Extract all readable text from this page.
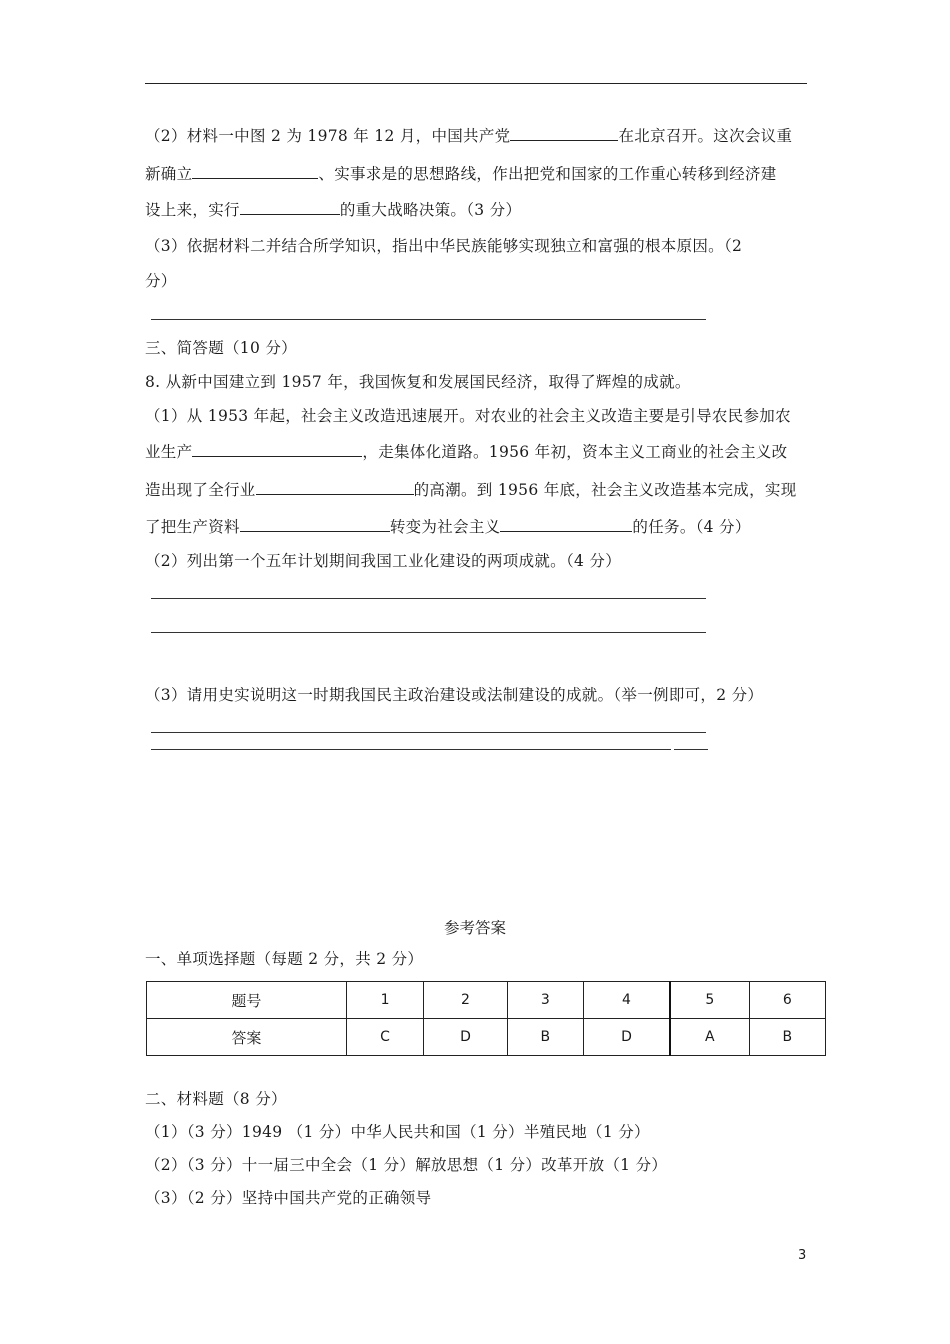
（2）材料一中图 2 为 1978 年 12 月，中国共产党	在北京召开。这次会议重
新确立	、实事求是的思想路线，作出把党和国家的工作重心转移到经济建
设上来，实行	的重大战略决策。（3 分）
（3）依据材料二并结合所学知识，指出中华民族能够实现独立和富强的根本原因。（2
分）
三、简答题（10 分）
8. 从新中国建立到 1957 年，我国恢复和发展国民经济，取得了辉煌的成就。
（1）从 1953 年起，社会主义改造迅速展开。对农业的社会主义改造主要是引导农民参加农
业生产	，走集体化道路。1956 年初，资本主义工商业的社会主义改
造出现了全行业	的高潮。到 1956 年底，社会主义改造基本完成，实现
了把生产资料	转变为社会主义	的任务。（4 分）
（2）列出第一个五年计划期间我国工业化建设的两项成就。（4 分）
（3）请用史实说明这一时期我国民主政治建设或法制建设的成就。（举一例即可，2 分）
参考答案
一、单项选择题（每题 2 分，共 2 分）
题号	1	2	3	4	5	6
答案	C	D	B	D	A	B
二、材料题（8 分）
（1）（3 分）1949 （1 分）中华人民共和国（1 分）半殖民地（1 分）
（2）（3 分）十一届三中全会（1 分）解放思想（1 分）改革开放（1 分）
（3）（2 分）坚持中国共产党的正确领导
3
